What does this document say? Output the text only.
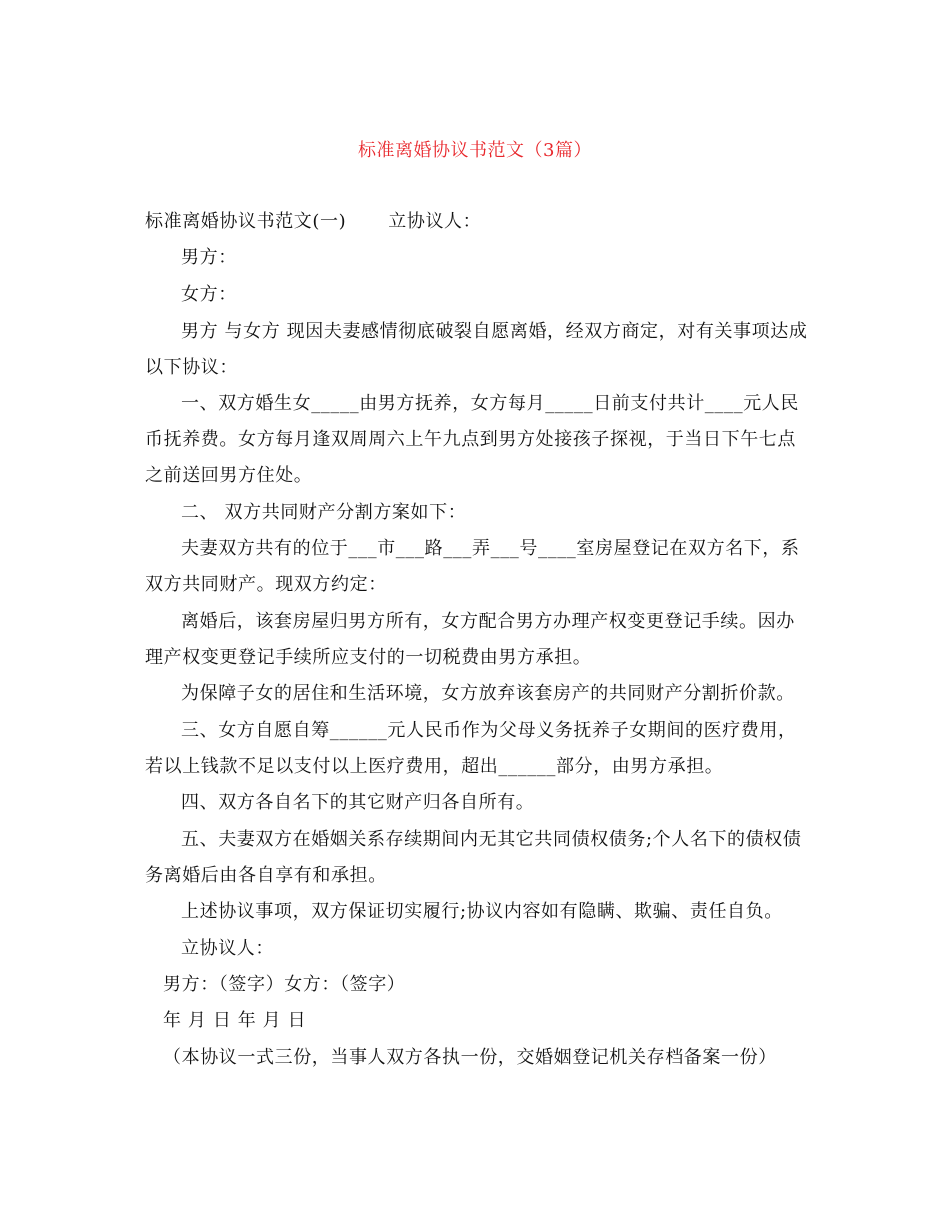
标准离婚协议书范文（3篇）
标准离婚协议书范文(一) 立协议人：
男方：
女方：
男方 与女方 现因夫妻感情彻底破裂自愿离婚，经双方商定，对有关事项达成
以下协议：
一、双方婚生女_____由男方抚养，女方每月_____日前支付共计____元人民
币抚养费。女方每月逢双周周六上午九点到男方处接孩子探视，于当日下午七点
之前送回男方住处。
二、 双方共同财产分割方案如下：
夫妻双方共有的位于___市___路___弄___号____室房屋登记在双方名下，系
双方共同财产。现双方约定：
离婚后，该套房屋归男方所有，女方配合男方办理产权变更登记手续。因办
理产权变更登记手续所应支付的一切税费由男方承担。
为保障子女的居住和生活环境，女方放弃该套房产的共同财产分割折价款。
三、女方自愿自筹______元人民币作为父母义务抚养子女期间的医疗费用，
若以上钱款不足以支付以上医疗费用，超出______部分，由男方承担。
四、双方各自名下的其它财产归各自所有。
五、夫妻双方在婚姻关系存续期间内无其它共同债权债务;个人名下的债权债
务离婚后由各自享有和承担。
上述协议事项，双方保证切实履行;协议内容如有隐瞒、欺骗、责任自负。
立协议人：
男方：（签字）女方：（签字）
年 月 日 年 月 日
（本协议一式三份，当事人双方各执一份，交婚姻登记机关存档备案一份）
